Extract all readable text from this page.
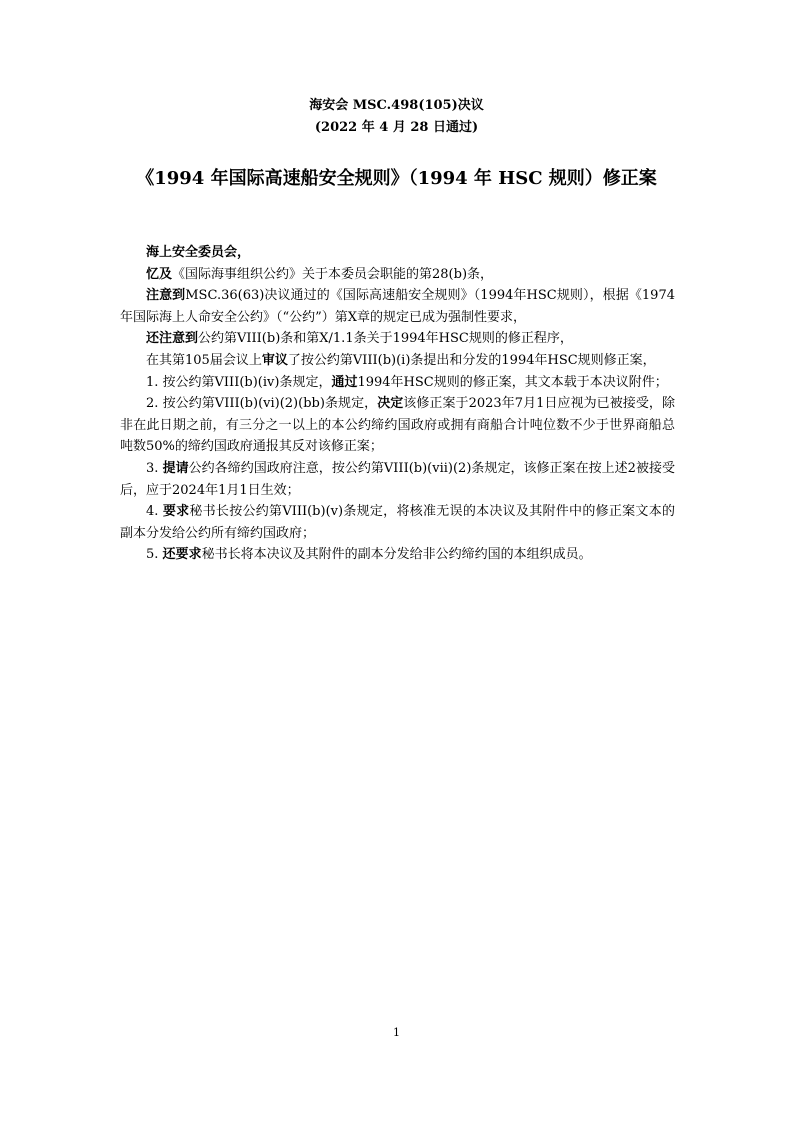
海安会 MSC.498(105)决议
(2022 年 4 月 28 日通过)
《1994 年国际高速船安全规则》（1994 年 HSC 规则）修正案

海上安全委员会，

忆及《国际海事组织公约》关于本委员会职能的第28(b)条，

注意到MSC.36(63)决议通过的《国际高速船安全规则》（1994年HSC规则），根据《1974年国际海上人命安全公约》（“公约”）第X章的规定已成为强制性要求，

还注意到公约第VIII(b)条和第X/1.1条关于1994年HSC规则的修正程序，

在其第105届会议上审议了按公约第VIII(b)(i)条提出和分发的1994年HSC规则修正案，

1. 按公约第VIII(b)(iv)条规定，通过1994年HSC规则的修正案，其文本载于本决议附件；

2. 按公约第VIII(b)(vi)(2)(bb)条规定，决定该修正案于2023年7月1日应视为已被接受，除非在此日期之前，有三分之一以上的本公约缔约国政府或拥有商船合计吨位数不少于世界商船总吨数50%的缔约国政府通报其反对该修正案；

3. 提请公约各缔约国政府注意，按公约第VIII(b)(vii)(2)条规定，该修正案在按上述2被接受后，应于2024年1月1日生效；

4. 要求秘书长按公约第VIII(b)(v)条规定，将核准无误的本决议及其附件中的修正案文本的副本分发给公约所有缔约国政府；

5. 还要求秘书长将本决议及其附件的副本分发给非公约缔约国的本组织成员。

1
